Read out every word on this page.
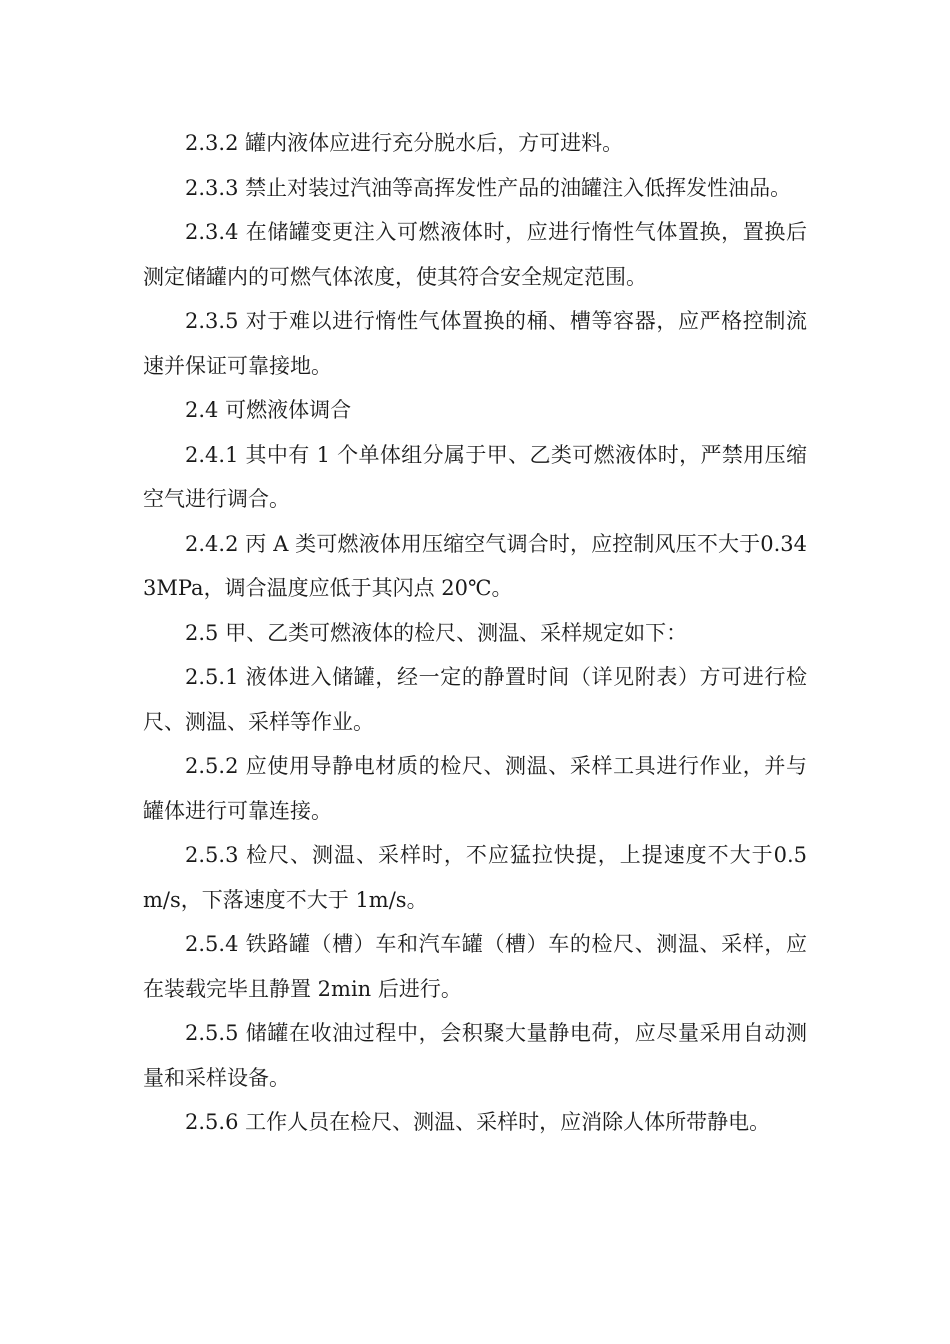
2.3.2 罐内液体应进行充分脱水后，方可进料。

2.3.3 禁止对装过汽油等高挥发性产品的油罐注入低挥发性油品。

2.3.4 在储罐变更注入可燃液体时，应进行惰性气体置换，置换后测定储罐内的可燃气体浓度，使其符合安全规定范围。

2.3.5 对于难以进行惰性气体置换的桶、槽等容器，应严格控制流速并保证可靠接地。

2.4 可燃液体调合

2.4.1 其中有 1 个单体组分属于甲、乙类可燃液体时，严禁用压缩空气进行调合。

2.4.2 丙 A 类可燃液体用压缩空气调合时，应控制风压不大于0.343MPa，调合温度应低于其闪点 20℃。

2.5 甲、乙类可燃液体的检尺、测温、采样规定如下：

2.5.1 液体进入储罐，经一定的静置时间（详见附表）方可进行检尺、测温、采样等作业。

2.5.2 应使用导静电材质的检尺、测温、采样工具进行作业，并与罐体进行可靠连接。

2.5.3 检尺、测温、采样时，不应猛拉快提，上提速度不大于0.5m/s，下落速度不大于 1m/s。

2.5.4 铁路罐（槽）车和汽车罐（槽）车的检尺、测温、采样，应在装载完毕且静置 2min 后进行。

2.5.5 储罐在收油过程中，会积聚大量静电荷，应尽量采用自动测量和采样设备。

2.5.6 工作人员在检尺、测温、采样时，应消除人体所带静电。
